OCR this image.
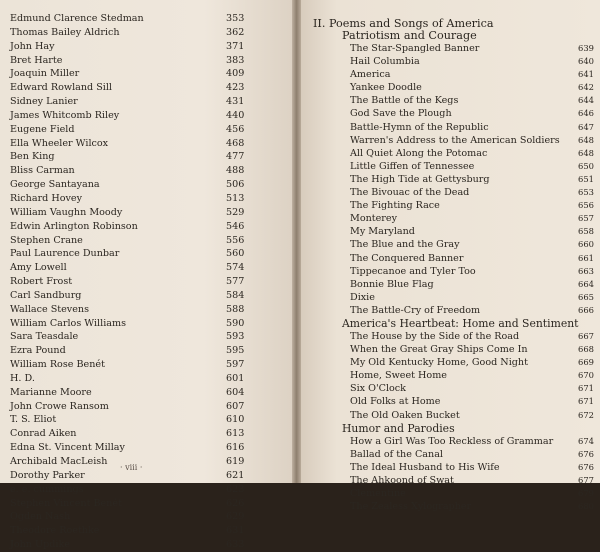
Edmund Clarence Stedman	353
Thomas Bailey Aldrich	362
John Hay	371
Bret Harte	383
Joaquin Miller	409
Edward Rowland Sill	423
Sidney Lanier	431
James Whitcomb Riley	440
Eugene Field	456
Ella Wheeler Wilcox	468
Ben King	477
Bliss Carman	488
George Santayana	506
Richard Hovey	513
William Vaughn Moody	529
Edwin Arlington Robinson	546
Stephen Crane	556
Paul Laurence Dunbar	560
Amy Lowell	574
Robert Frost	577
Carl Sandburg	584
Wallace Stevens	588
William Carlos Williams	590
Sara Teasdale	593
Ezra Pound	595
William Rose Benét	597
H. D.	601
Marianne Moore	604
John Crowe Ransom	607
T. S. Eliot	610
Conrad Aiken	613
Edna St. Vincent Millay	616
Archibald MacLeish	619
Dorothy Parker	621
e. e. cummings	623
Stephen Vincent Benét	626
Ogden Nash	629
Theodore Roethke	631
John Updike	633
· viii ·
II. Poems and Songs of America
Patriotism and Courage
The Star-Spangled Banner	639
Hail Columbia	640
America	641
Yankee Doodle	642
The Battle of the Kegs	644
God Save the Plough	646
Battle-Hymn of the Republic	647
Warren's Address to the American Soldiers 648
All Quiet Along the Potomac	648
Little Giffen of Tennessee	650
The High Tide at Gettysburg	651
The Bivouac of the Dead	653
The Fighting Race	656
Monterey	657
My Maryland	658
The Blue and the Gray	660
The Conquered Banner	661
Tippecanoe and Tyler Too	663
Bonnie Blue Flag	664
Dixie	665
The Battle-Cry of Freedom	666
America's Heartbeat: Home and Sentiment
The House by the Side of the Road	667
When the Great Gray Ships Come In	668
My Old Kentucky Home, Good Night	669
Home, Sweet Home	670
Six O'Clock	671
Old Folks at Home	671
The Old Oaken Bucket	672
Humor and Parodies
How a Girl Was Too Reckless of Grammar	674
Ballad of the Canal	676
The Ideal Husband to His Wife	676
The Ahkoond of Swat	677
Clementine	679
The Zealess Xylographer	680
